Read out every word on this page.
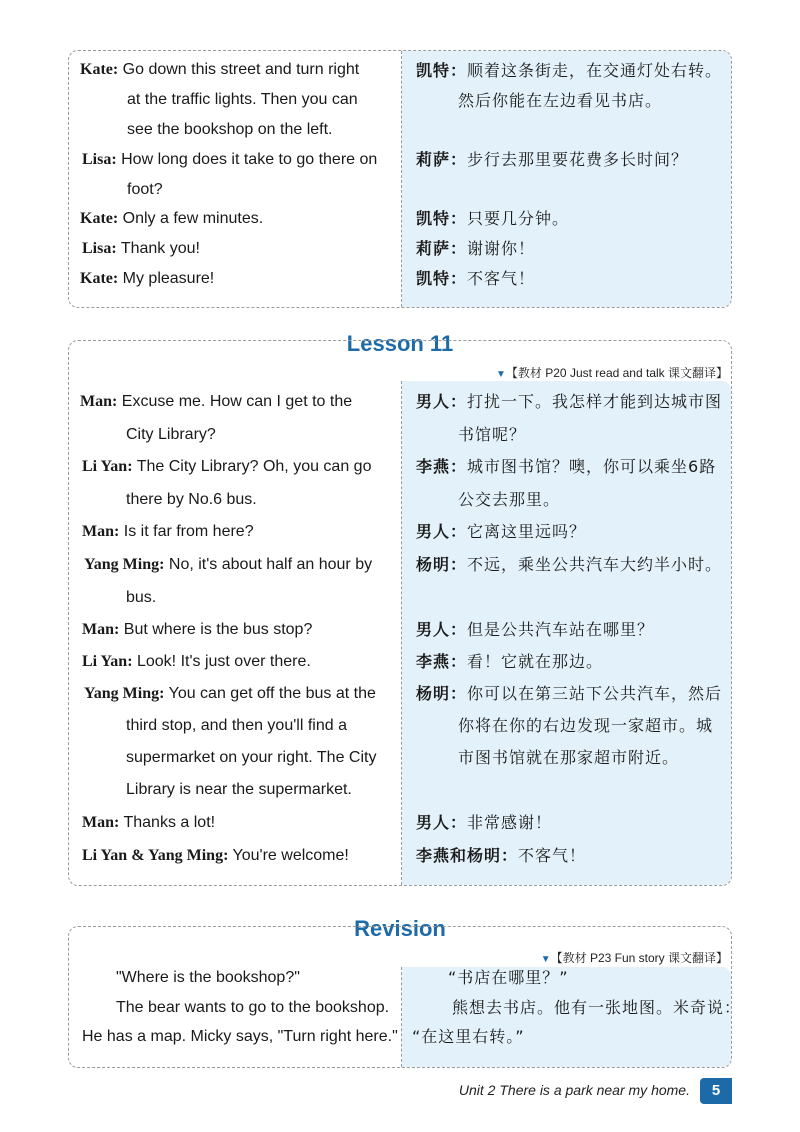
Kate: Go down this street and turn right
at the traffic lights. Then you can
see the bookshop on the left.
Lisa: How long does it take to go there on
foot?
Kate: Only a few minutes.
Lisa: Thank you!
Kate: My pleasure!
凯特：顺着这条街走，在交通灯处右转。
然后你能在左边看见书店。
莉萨：步行去那里要花费多长时间？
凯特：只要几分钟。
莉萨：谢谢你！
凯特：不客气！
Lesson 11
▼【教材 P20 Just read and talk 课文翻译】
Man: Excuse me. How can I get to the
City Library?
Li Yan: The City Library? Oh, you can go
there by No.6 bus.
Man: Is it far from here?
Yang Ming: No, it's about half an hour by
bus.
Man: But where is the bus stop?
Li Yan: Look! It's just over there.
Yang Ming: You can get off the bus at the
third stop, and then you'll find a
supermarket on your right. The City
Library is near the supermarket.
Man: Thanks a lot!
Li Yan & Yang Ming: You're welcome!
男人：打扰一下。我怎样才能到达城市图
书馆呢？
李燕：城市图书馆？噢，你可以乘坐6路
公交去那里。
男人：它离这里远吗？
杨明：不远，乘坐公共汽车大约半小时。
男人：但是公共汽车站在哪里？
李燕：看！它就在那边。
杨明：你可以在第三站下公共汽车，然后
你将在你的右边发现一家超市。城
市图书馆就在那家超市附近。
男人：非常感谢！
李燕和杨明：不客气！
Revision
▼【教材 P23 Fun story 课文翻译】
"Where is the bookshop?"
The bear wants to go to the bookshop.
He has a map. Micky says, "Turn right here."
“书店在哪里？”
熊想去书店。他有一张地图。米奇说：
“在这里右转。”
Unit 2 There is a park near my home.	5
